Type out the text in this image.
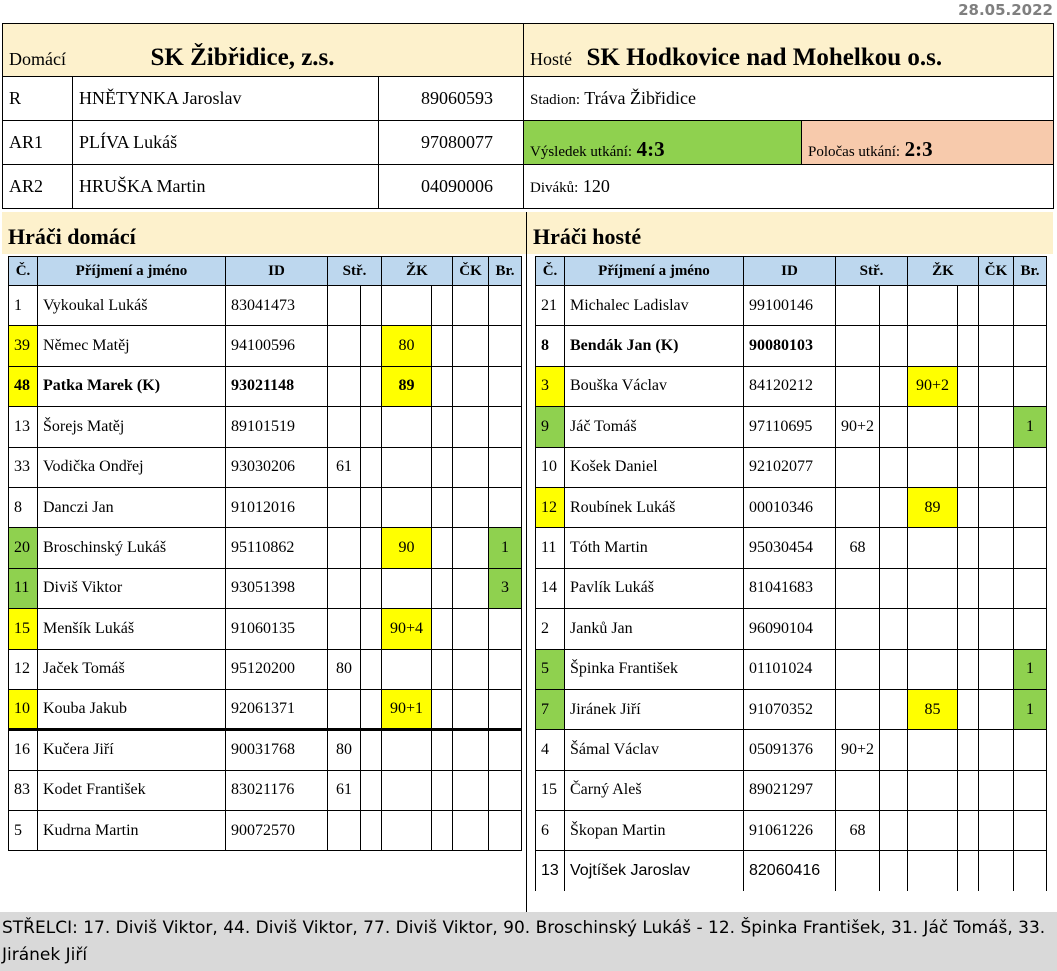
28.05.2022
Domácí SK Žibřidice, z.s.			Hosté SK Hodkovice nad Mohelkou o.s.	
R	HNĚTYNKA Jaroslav	89060593	Stadion: Tráva Žibřidice	
AR1	PLÍVA Lukáš	97080077	Výsledek utkání: 4:3	Poločas utkání: 2:3
AR2	HRUŠKA Martin	04090006	Diváků: 120	
Hráči domácí
Č.	Příjmení a jméno	ID	Stř.		ŽK		ČK	Br.
1	Vykoukal Lukáš	83041473						
39	Němec Matěj	94100596			80			
48	Patka Marek (K)	93021148			89			
13	Šorejs Matěj	89101519						
33	Vodička Ondřej	93030206	61					
8	Danczi Jan	91012016						
20	Broschinský Lukáš	95110862			90			1
11	Diviš Viktor	93051398						3
15	Menšík Lukáš	91060135			90+4			
12	Jaček Tomáš	95120200	80					
10	Kouba Jakub	92061371			90+1			
16	Kučera Jiří	90031768	80					
83	Kodet František	83021176	61					
5	Kudrna Martin	90072570						
Hráči hosté
Č.	Příjmení a jméno	ID	Stř.		ŽK		ČK	Br.
21	Michalec Ladislav	99100146						
8	Bendák Jan (K)	90080103						
3	Bouška Václav	84120212			90+2			
9	Jáč Tomáš	97110695	90+2					1
10	Košek Daniel	92102077						
12	Roubínek Lukáš	00010346			89			
11	Tóth Martin	95030454	68					
14	Pavlík Lukáš	81041683						
2	Janků Jan	96090104						
5	Špinka František	01101024						1
7	Jiránek Jiří	91070352			85			1
4	Šámal Václav	05091376	90+2					
15	Čarný Aleš	89021297						
6	Škopan Martin	91061226	68					
13	Vojtíšek Jaroslav	82060416						
STŘELCI: 17. Diviš Viktor, 44. Diviš Viktor, 77. Diviš Viktor, 90. Broschinský Lukáš - 12. Špinka František, 31. Jáč Tomáš, 33. Jiránek Jiří
